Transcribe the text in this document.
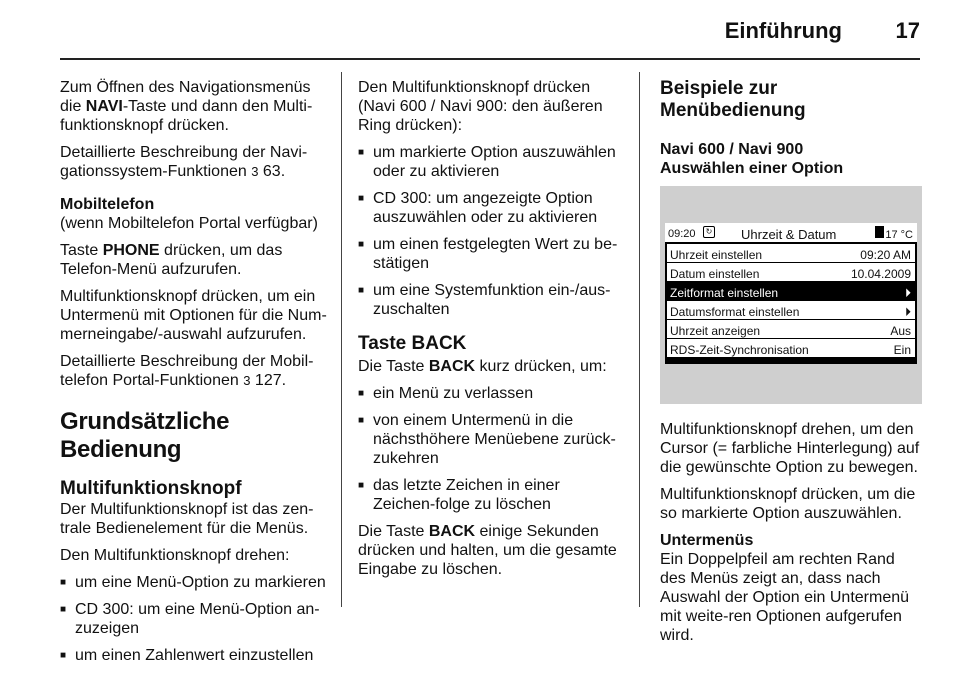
Einführung 17

Zum Öffnen des Navigationsmenüs die NAVI-Taste und dann den Multi-funktionsknopf drücken.

Detaillierte Beschreibung der Navi-gationssystem-Funktionen 3 63.

Mobiltelefon

(wenn Mobiltelefon Portal verfügbar)

Taste PHONE drücken, um das Telefon-Menü aufzurufen.

Multifunktionsknopf drücken, um ein Untermenü mit Optionen für die Num-merneingabe/-auswahl aufzurufen.

Detaillierte Beschreibung der Mobil-telefon Portal-Funktionen 3 127.

Grundsätzliche Bedienung
Multifunktionsknopf

Der Multifunktionsknopf ist das zen-trale Bedienelement für die Menüs.

Den Multifunktionsknopf drehen:

■ um eine Menü-Option zu markieren
■ CD 300: um eine Menü-Option an-zuzeigen
■ um einen Zahlenwert einzustellen

Den Multifunktionsknopf drücken (Navi 600 / Navi 900: den äußeren Ring drücken):

■ um markierte Option auszuwählen oder zu aktivieren
■ CD 300: um angezeigte Option auszuwählen oder zu aktivieren
■ um einen festgelegten Wert zu be-stätigen
■ um eine Systemfunktion ein-/aus-zuschalten
Taste BACK

Die Taste BACK kurz drücken, um:

■ ein Menü zu verlassen
■ von einem Untermenü in die nächsthöhere Menüebene zurück-zukehren
■ das letzte Zeichen in einer Zeichen-folge zu löschen

Die Taste BACK einige Sekunden drücken und halten, um die gesamte Eingabe zu löschen.

Beispiele zur Menübedienung
Navi 600 / Navi 900
Auswählen einer Option
09:20	↻ Uhrzeit & Datum	17 °C
Uhrzeit einstellen	09:20 AM
Datum einstellen	10.04.2009
Zeitformat einstellen	⏵
Datumsformat einstellen	⏵
Uhrzeit anzeigen	Aus
RDS-Zeit-Synchronisation	Ein

Multifunktionsknopf drehen, um den Cursor (= farbliche Hinterlegung) auf die gewünschte Option zu bewegen.

Multifunktionsknopf drücken, um die so markierte Option auszuwählen.

Untermenüs

Ein Doppelpfeil am rechten Rand des Menüs zeigt an, dass nach Auswahl der Option ein Untermenü mit weite-ren Optionen aufgerufen wird.
